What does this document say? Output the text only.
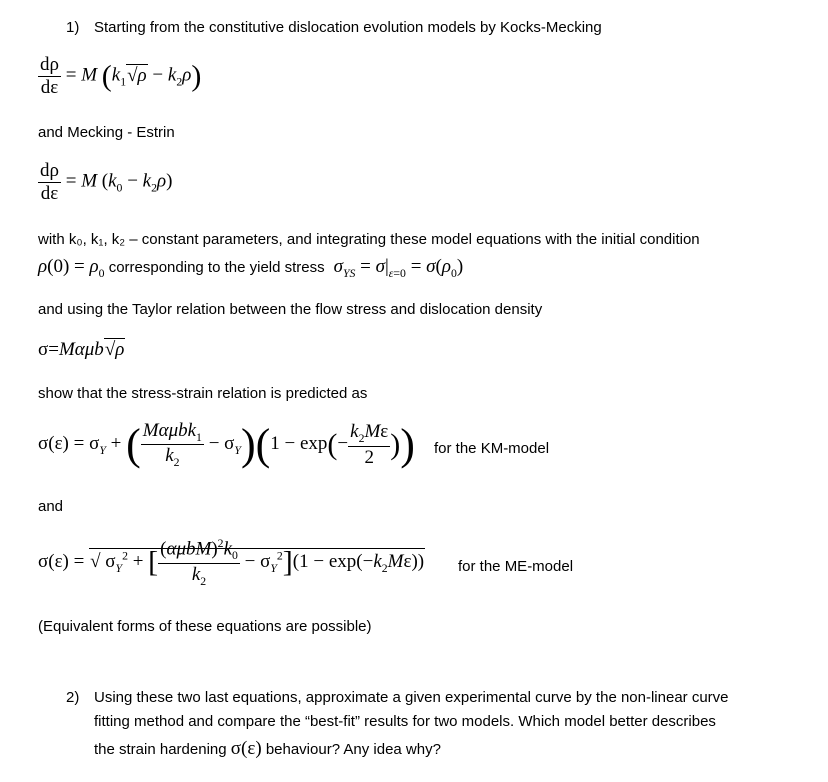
1) Starting from the constitutive dislocation evolution models by Kocks-Mecking
$\frac{d\rho}{d\varepsilon} = M$ $(k_1√\rho - k_2\rho)$
and Mecking - Estrin
$\frac{d\rho}{d\varepsilon} = M$ $(k_0 - k_2\rho)$
with k₀, k₁, k₂ – constant parameters, and integrating these model equations with the initial condition
$\rho(0) = \rho_0$ corresponding to the yield stress $\sigma_{YS} = \sigma|_{\varepsilon=0} = \sigma(\rho_0)$
and using the Taylor relation between the flow stress and dislocation density
σ=Mαμb√ρ
show that the stress-strain relation is predicted as
$\sigma(\varepsilon) = \sigma_Y$ + ( $\frac{M\alpha\mu bk_1}{k_2} - \sigma_Y)(1 - \exp(- \frac{k_2M\varepsilon}{2}$ )) for the KM-model
and
σ(ε) = √ $\sigma_Y^2$ + [ $\frac{(\alpha\mu bM)^2k_0}{k_2} - \sigma_Y^2](1 - \exp(-k_2M\varepsilon))$ for the ME-model
(Equivalent forms of these equations are possible)
2) Using these two last equations, approximate a given experimental curve by the non-linear curve
fitting method and compare the “best-fit” results for two models. Which model better describes
the strain hardening σ(ε) behaviour? Any idea why?
